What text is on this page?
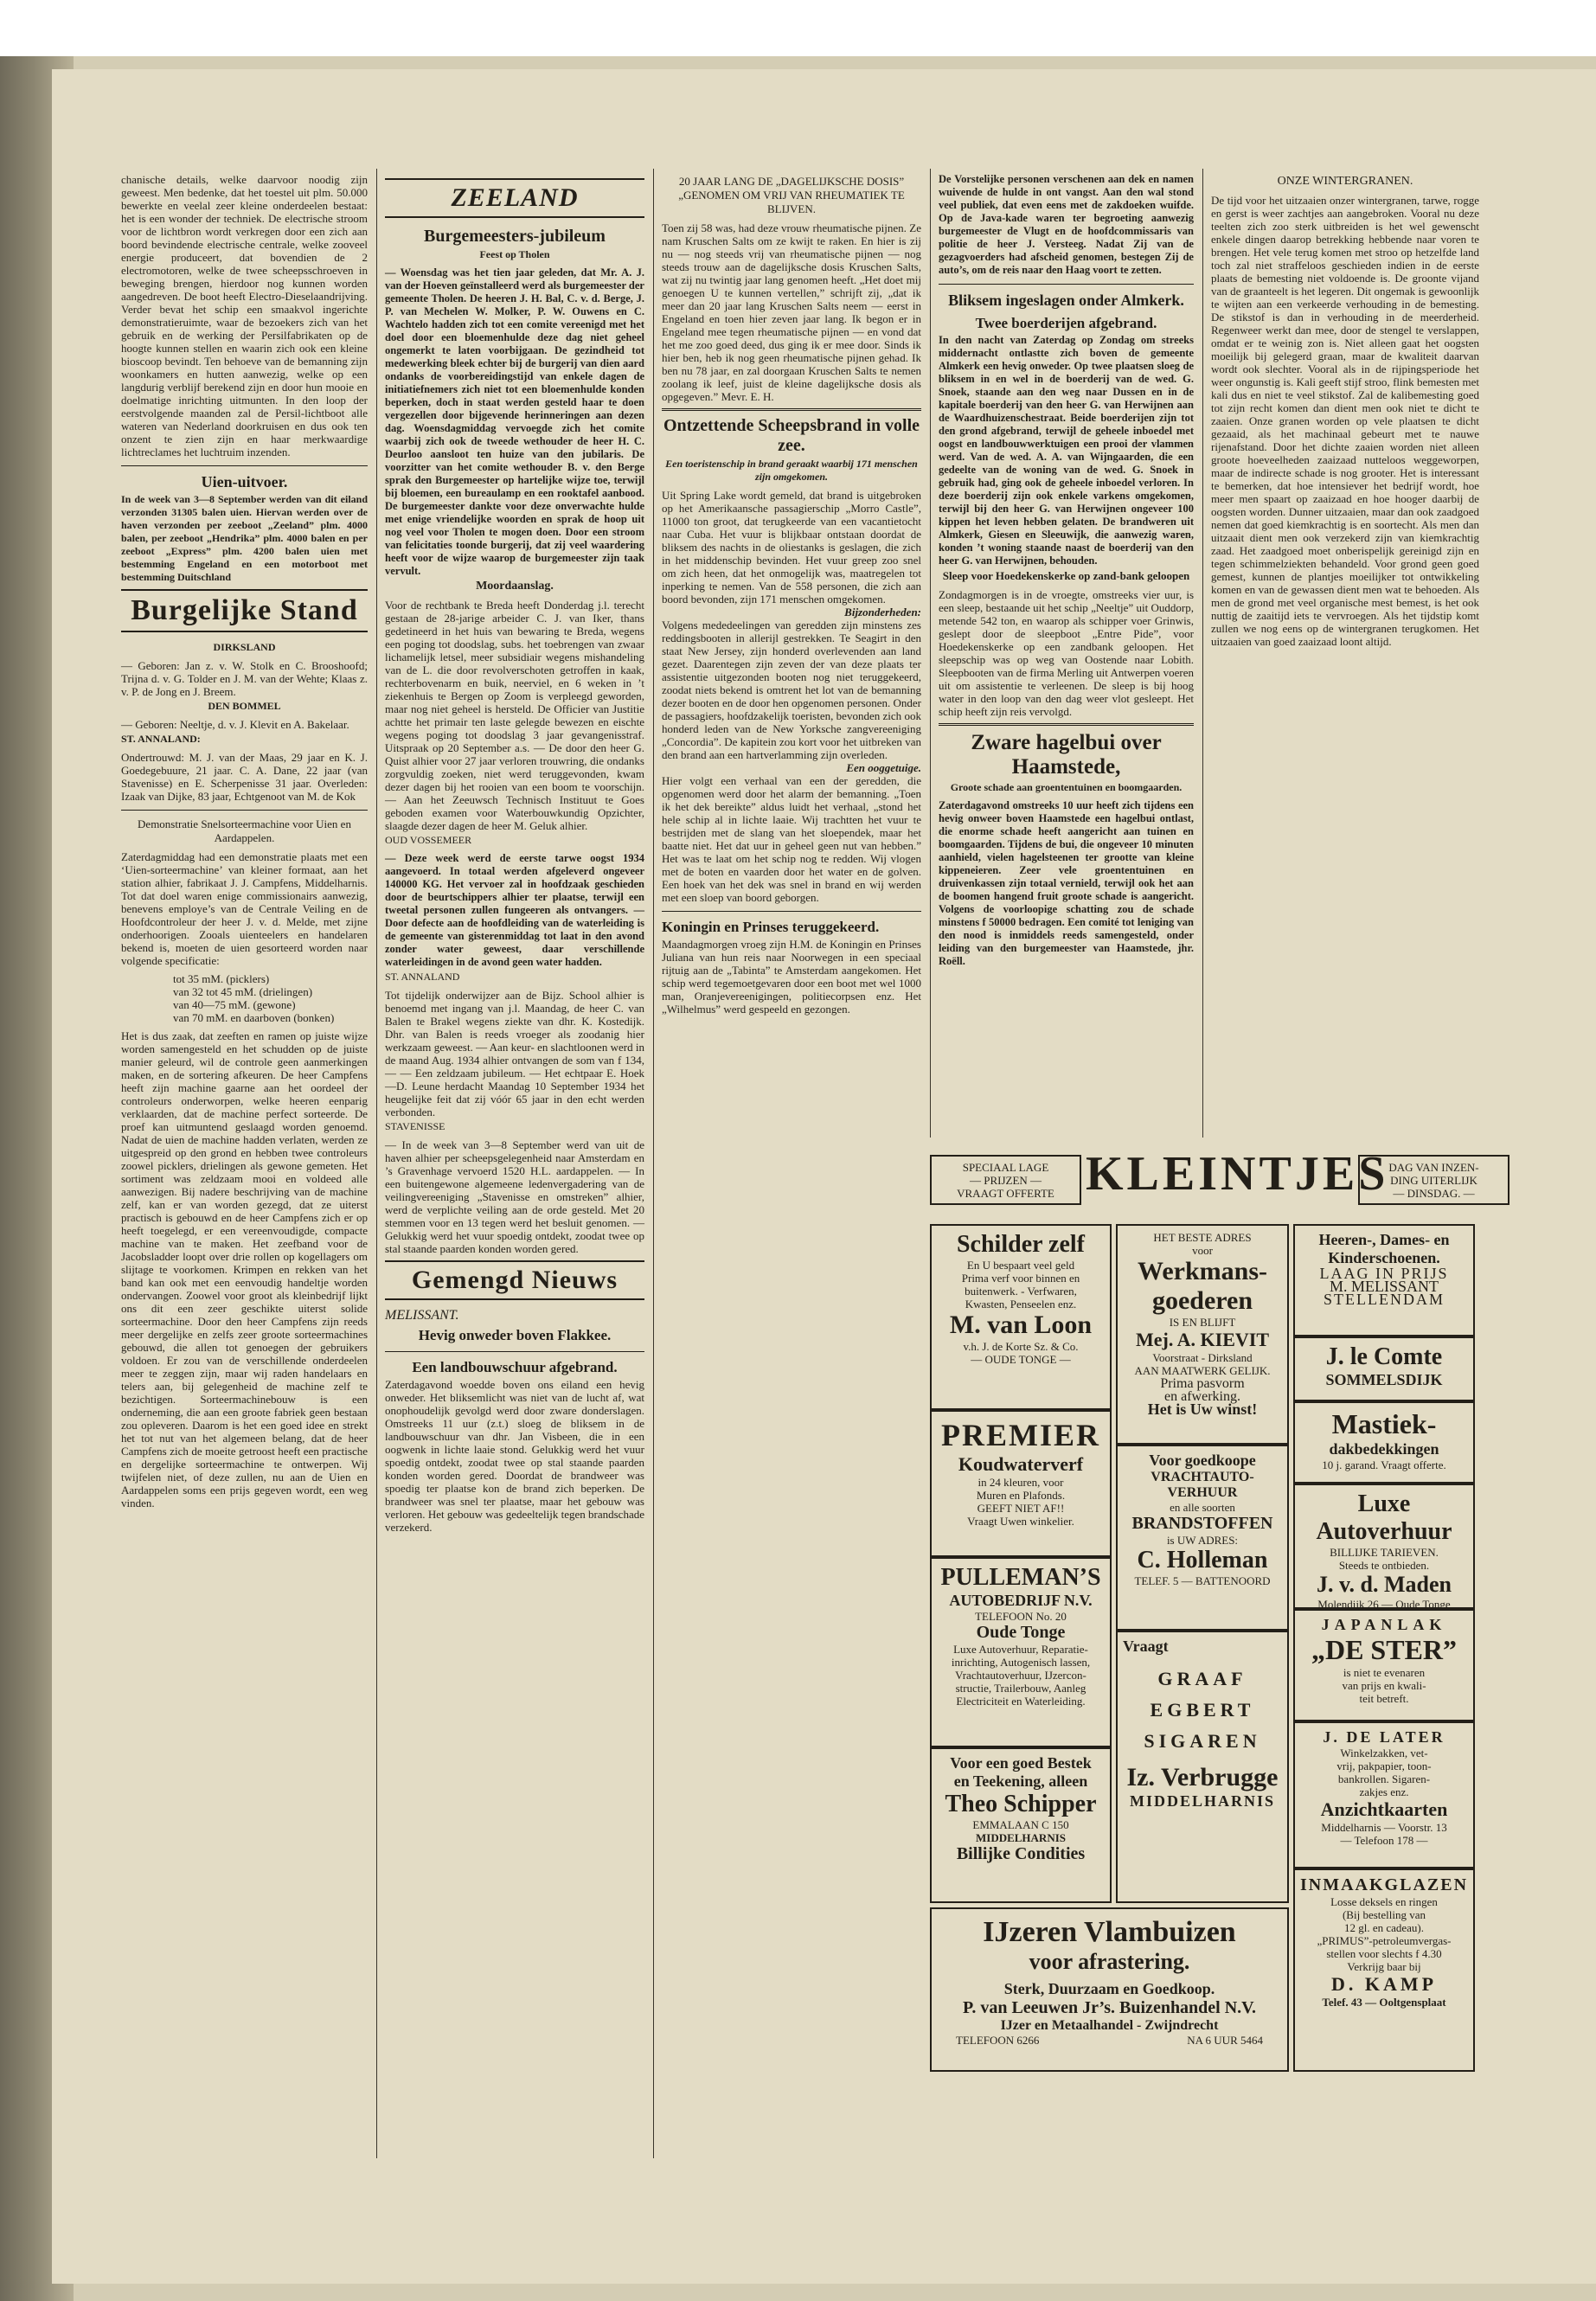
chanische details, welke daarvoor noodig zijn geweest. Men bedenke, dat het toestel uit plm. 50.000 bewerkte en veelal zeer kleine onderdeelen bestaat: het is een wonder der techniek. De electrische stroom voor de lichtbron wordt verkregen door een zich aan boord bevindende electrische centrale, welke zooveel energie produceert, dat bovendien de 2 electromotoren, welke de twee scheepsschroeven in beweging brengen, hierdoor nog kunnen worden aangedreven. De boot heeft Electro-Dieselaandrijving. Verder bevat het schip een smaakvol ingerichte demonstratieruimte, waar de bezoekers zich van het gebruik en de werking der Persilfabrikaten op de hoogte kunnen stellen en waarin zich ook een kleine bioscoop bevindt. Ten behoeve van de bemanning zijn woonkamers en hutten aanwezig, welke op een langdurig verblijf berekend zijn en door hun mooie en doelmatige inrichting uitmunten. In den loop der eerstvolgende maanden zal de Persil-lichtboot alle wateren van Nederland doorkruisen en dus ook ten onzent te zien zijn en haar merkwaardige lichtreclames het luchtruim inzenden.

Uien-uitvoer.

In de week van 3—8 September werden van dit eiland verzonden 31305 balen uien. Hiervan werden over de haven verzonden per zeeboot „Zeeland” plm. 4000 balen, per zeeboot „Hendrika” plm. 4000 balen en per zeeboot „Express” plm. 4200 balen uien met bestemming Engeland en een motorboot met bestemming Duitschland

Burgelijke Stand

DIRKSLAND

— Geboren: Jan z. v. W. Stolk en C. Brooshoofd; Trijna d. v. G. Tolder en J. M. van der Wehte; Klaas z. v. P. de Jong en J. Breem.

DEN BOMMEL

— Geboren: Neeltje, d. v. J. Klevit en A. Bakelaar.

ST. ANNALAND:

Ondertrouwd: M. J. van der Maas, 29 jaar en K. J. Goedegebuure, 21 jaar. C. A. Dane, 22 jaar (van Stavenisse) en E. Scherpenisse 31 jaar. Overleden: Izaak van Dijke, 83 jaar, Echtgenoot van M. de Kok

Demonstratie Snelsorteermachine voor Uien en Aardappelen.

Zaterdagmiddag had een demonstratie plaats met een ‘Uien-sorteermachine’ van kleiner formaat, aan het station alhier, fabrikaat J. J. Campfens, Middelharnis. Tot dat doel waren enige commissionairs aanwezig, benevens employe’s van de Centrale Veiling en de Hoofdcontroleur der heer J. v. d. Melde, met zijne onderhoorigen. Zooals uienteelers en handelaren bekend is, moeten de uien gesorteerd worden naar volgende specificatie:

tot 35 mM. (picklers)

van 32 tot 45 mM. (drielingen)

van 40—75 mM. (gewone)

van 70 mM. en daarboven (bonken)

Het is dus zaak, dat zeeften en ramen op juiste wijze worden samengesteld en het schudden op de juiste manier geleurd, wil de controle geen aanmerkingen maken, en de sortering afkeuren. De heer Campfens heeft zijn machine gaarne aan het oordeel der controleurs onderworpen, welke heeren eenparig verklaarden, dat de machine perfect sorteerde. De proef kan uitmuntend geslaagd worden genoemd. Nadat de uien de machine hadden verlaten, werden ze uitgespreid op den grond en hebben twee controleurs zoowel picklers, drielingen als gewone gemeten. Het sortiment was zeldzaam mooi en voldeed alle aanwezigen. Bij nadere beschrijving van de machine zelf, kan er van worden gezegd, dat ze uiterst practisch is gebouwd en de heer Campfens zich er op heeft toegelegd, er een vereenvoudigde, compacte machine van te maken. Het zeefband voor de Jacobsladder loopt over drie rollen op kogellagers om slijtage te voorkomen. Krimpen en rekken van het band kan ook met een eenvoudig handeltje worden ondervangen. Zoowel voor groot als kleinbedrijf lijkt ons dit een zeer geschikte uiterst solide sorteermachine. Door den heer Campfens zijn reeds meer dergelijke en zelfs zeer groote sorteermachines gebouwd, die allen tot genoegen der gebruikers voldoen. Er zou van de verschillende onderdeelen meer te zeggen zijn, maar wij raden handelaars en telers aan, bij gelegenheid de machine zelf te bezichtigen. Sorteermachinebouw is een onderneming, die aan een groote fabriek geen bestaan zou opleveren. Daarom is het een goed idee en strekt het tot nut van het algemeen belang, dat de heer Campfens zich de moeite getroost heeft een practische en dergelijke sorteermachine te ontwerpen. Wij twijfelen niet, of deze zullen, nu aan de Uien en Aardappelen soms een prijs gegeven wordt, een weg vinden.

ZEELAND

Burgemeesters-jubileum

Feest op Tholen

— Woensdag was het tien jaar geleden, dat Mr. A. J. van der Hoeven geïnstalleerd werd als burgemeester der gemeente Tholen. De heeren J. H. Bal, C. v. d. Berge, J. P. van Mechelen W. Molker, P. W. Ouwens en C. Wachtelo hadden zich tot een comite vereenigd met het doel door een bloemenhulde deze dag niet geheel ongemerkt te laten voorbijgaan. De gezindheid tot medewerking bleek echter bij de burgerij van dien aard ondanks de voorbereidingstijd van enkele dagen de initiatiefnemers zich niet tot een bloemenhulde konden beperken, doch in staat werden gesteld haar te doen vergezellen door bijgevende herinneringen aan dezen dag. Woensdagmiddag vervoegde zich het comite waarbij zich ook de tweede wethouder de heer H. C. Deurloo aansloot ten huize van den jubilaris. De voorzitter van het comite wethouder B. v. den Berge sprak den Burgemeester op hartelijke wijze toe, terwijl bij bloemen, een bureaulamp en een rooktafel aanbood. De burgemeester dankte voor deze onverwachte hulde met enige vriendelijke woorden en sprak de hoop uit nog veel voor Tholen te mogen doen. Door een stroom van felicitaties toonde burgerij, dat zij veel waardering heeft voor de wijze waarop de burgemeester zijn taak vervult.

Moordaanslag.

Voor de rechtbank te Breda heeft Donderdag j.l. terecht gestaan de 28-jarige arbeider C. J. van Iker, thans gedetineerd in het huis van bewaring te Breda, wegens een poging tot doodslag, subs. het toebrengen van zwaar lichamelijk letsel, meer subsidiair wegens mishandeling van de L. die door revolverschoten getroffen in kaak, rechterbovenarm en buik, neerviel, en 6 weken in ’t ziekenhuis te Bergen op Zoom is verpleegd geworden, maar nog niet geheel is hersteld. De Officier van Justitie achtte het primair ten laste gelegde bewezen en eischte wegens poging tot doodslag 3 jaar gevangenisstraf. Uitspraak op 20 September a.s. — De door den heer G. Quist alhier voor 27 jaar verloren trouwring, die ondanks zorgvuldig zoeken, niet werd teruggevonden, kwam dezer dagen bij het rooien van een boom te voorschijn. — Aan het Zeeuwsch Technisch Instituut te Goes geboden examen voor Waterbouwkundig Opzichter, slaagde dezer dagen de heer M. Geluk alhier.

OUD VOSSEMEER

— Deze week werd de eerste tarwe oogst 1934 aangevoerd. In totaal werden afgeleverd ongeveer 140000 KG. Het vervoer zal in hoofdzaak geschieden door de beurtschippers alhier ter plaatse, terwijl een tweetal personen zullen fungeeren als ontvangers. — Door defecte aan de hoofdleiding van de waterleiding is de gemeente van gisterenmiddag tot laat in den avond zonder water geweest, daar verschillende waterleidingen in de avond geen water hadden.

ST. ANNALAND

Tot tijdelijk onderwijzer aan de Bijz. School alhier is benoemd met ingang van j.l. Maandag, de heer C. van Balen te Brakel wegens ziekte van dhr. K. Kostedijk. Dhr. van Balen is reeds vroeger als zoodanig hier werkzaam geweest. — Aan keur- en slachtloonen werd in de maand Aug. 1934 alhier ontvangen de som van f 134,— — Een zeldzaam jubileum. — Het echtpaar E. Hoek—D. Leune herdacht Maandag 10 September 1934 het heugelijke feit dat zij vóór 65 jaar in den echt werden verbonden.

STAVENISSE

— In de week van 3—8 September werd van uit de haven alhier per scheepsgelegenheid naar Amsterdam en ’s Gravenhage vervoerd 1520 H.L. aardappelen. — In een buitengewone algemeene ledenvergadering van de veilingvereeniging „Stavenisse en omstreken” alhier, werd de verplichte veiling aan de orde gesteld. Met 20 stemmen voor en 13 tegen werd het besluit genomen. — Gelukkig werd het vuur spoedig ontdekt, zoodat twee op stal staande paarden konden worden gered.

Gemengd Nieuws

MELISSANT.

Hevig onweder boven Flakkee.

Een landbouwschuur afgebrand.

Zaterdagavond woedde boven ons eiland een hevig onweder. Het bliksemlicht was niet van de lucht af, wat onophoudelijk gevolgd werd door zware donderslagen. Omstreeks 11 uur (z.t.) sloeg de bliksem in de landbouwschuur van dhr. Jan Visbeen, die in een oogwenk in lichte laaie stond. Gelukkig werd het vuur spoedig ontdekt, zoodat twee op stal staande paarden konden worden gered. Doordat de brandweer was spoedig ter plaatse kon de brand zich beperken. De brandweer was snel ter plaatse, maar het gebouw was verloren. Het gebouw was gedeeltelijk tegen brandschade verzekerd.

20 JAAR LANG DE „DAGELIJKSCHE DOSIS” „GENOMEN OM VRIJ VAN RHEUMATIEK TE BLIJVEN.

Toen zij 58 was, had deze vrouw rheumatische pijnen. Ze nam Kruschen Salts om ze kwijt te raken. En hier is zij nu — nog steeds vrij van rheumatische pijnen — nog steeds trouw aan de dagelijksche dosis Kruschen Salts, wat zij nu twintig jaar lang genomen heeft. „Het doet mij genoegen U te kunnen vertellen,” schrijft zij, „dat ik meer dan 20 jaar lang Kruschen Salts neem — eerst in Engeland en toen hier zeven jaar lang. Ik begon er in Engeland mee tegen rheumatische pijnen — en vond dat het me zoo goed deed, dus ging ik er mee door. Sinds ik hier ben, heb ik nog geen rheumatische pijnen gehad. Ik ben nu 78 jaar, en zal doorgaan Kruschen Salts te nemen zoolang ik leef, juist de kleine dagelijksche dosis als opgegeven.” Mevr. E. H.

Ontzettende Scheepsbrand in volle zee.

Een toeristenschip in brand geraakt waarbij 171 menschen zijn omgekomen.

Uit Spring Lake wordt gemeld, dat brand is uitgebroken op het Amerikaansche passagierschip „Morro Castle”, 11000 ton groot, dat terugkeerde van een vacantietocht naar Cuba. Het vuur is blijkbaar ontstaan doordat de bliksem des nachts in de oliestanks is geslagen, die zich in het middenschip bevinden. Het vuur greep zoo snel om zich heen, dat het onmogelijk was, maatregelen tot inperking te nemen. Van de 558 personen, die zich aan boord bevonden, zijn 171 menschen omgekomen.

Bijzonderheden:

Volgens mededeelingen van geredden zijn minstens zes reddingsbooten in allerijl gestrekken. Te Seagirt in den staat New Jersey, zijn honderd overlevenden aan land gezet. Daarentegen zijn zeven der van deze plaats ter assistentie uitgezonden booten nog niet teruggekeerd, zoodat niets bekend is omtrent het lot van de bemanning dezer booten en de door hen opgenomen personen. Onder de passagiers, hoofdzakelijk toeristen, bevonden zich ook honderd leden van de New Yorksche zangvereeniging „Concordia”. De kapitein zou kort voor het uitbreken van den brand aan een hartverlamming zijn overleden.

Een ooggetuige.

Hier volgt een verhaal van een der geredden, die opgenomen werd door het alarm der bemanning. „Toen ik het dek bereikte” aldus luidt het verhaal, „stond het hele schip al in lichte laaie. Wij trachtten het vuur te bestrijden met de slang van het sloependek, maar het baatte niet. Het dat uur in geheel geen nut van hebben.” Het was te laat om het schip nog te redden. Wij vlogen met de boten en vaarden door het water en de golven. Een hoek van het dek was snel in brand en wij werden met een sloep van boord geborgen.

Koningin en Prinses teruggekeerd.

Maandagmorgen vroeg zijn H.M. de Koningin en Prinses Juliana van hun reis naar Noorwegen in een speciaal rijtuig aan de „Tabinta” te Amsterdam aangekomen. Het schip werd tegemoetgevaren door een boot met wel 1000 man, Oranjevereenigingen, politiecorpsen enz. Het „Wilhelmus” werd gespeeld en gezongen.

De Vorstelijke personen verschenen aan dek en namen wuivende de hulde in ont vangst. Aan den wal stond veel publiek, dat even eens met de zakdoeken wuifde. Op de Java-kade waren ter begroeting aanwezig burgemeester de Vlugt en de hoofdcommissaris van politie de heer J. Versteeg. Nadat Zij van de gezagvoerders had afscheid genomen, bestegen Zij de auto’s, om de reis naar den Haag voort te zetten.

Bliksem ingeslagen onder Almkerk.

Twee boerderijen afgebrand.

In den nacht van Zaterdag op Zondag om streeks middernacht ontlastte zich boven de gemeente Almkerk een hevig onweder. Op twee plaatsen sloeg de bliksem in en wel in de boerderij van de wed. G. Snoek, staande aan den weg naar Dussen en in de kapitale boerderij van den heer G. van Herwijnen aan de Waardhuizenschestraat. Beide boerderijen zijn tot den grond afgebrand, terwijl de geheele inboedel met oogst en landbouwwerktuigen een prooi der vlammen werd. Van de wed. A. A. van Wijngaarden, die een gedeelte van de woning van de wed. G. Snoek in gebruik had, ging ook de geheele inboedel verloren. In deze boerderij zijn ook enkele varkens omgekomen, terwijl bij den heer G. van Herwijnen ongeveer 100 kippen het leven hebben gelaten. De brandweren uit Almkerk, Giesen en Sleeuwijk, die aanwezig waren, konden ’t woning staande naast de boerderij van den heer G. van Herwijnen, behouden.

Sleep voor Hoedekenskerke op zand-bank geloopen

Zondagmorgen is in de vroegte, omstreeks vier uur, is een sleep, bestaande uit het schip „Neeltje” uit Ouddorp, metende 542 ton, en waarop als schipper voer Grinwis, geslept door de sleepboot „Entre Pide”, voor Hoedekenskerke op een zandbank geloopen. Het sleepschip was op weg van Oostende naar Lobith. Sleepbooten van de firma Merling uit Antwerpen voeren uit om assistentie te verleenen. De sleep is bij hoog water in den loop van den dag weer vlot gesleept. Het schip heeft zijn reis vervolgd.

Zware hagelbui over Haamstede,

Groote schade aan groententuinen en boomgaarden.

Zaterdagavond omstreeks 10 uur heeft zich tijdens een hevig onweer boven Haamstede een hagelbui ontlast, die enorme schade heeft aangericht aan tuinen en boomgaarden. Tijdens de bui, die ongeveer 10 minuten aanhield, vielen hagelsteenen ter grootte van kleine kippeneieren. Zeer vele groententuinen en druivenkassen zijn totaal vernield, terwijl ook het aan de boomen hangend fruit groote schade is aangericht. Volgens de voorloopige schatting zou de schade minstens f 50000 bedragen. Een comité tot leniging van den nood is inmiddels reeds samengesteld, onder leiding van den burgemeester van Haamstede, jhr. Roëll.

ONZE WINTERGRANEN.

De tijd voor het uitzaaien onzer wintergranen, tarwe, rogge en gerst is weer zachtjes aan aangebroken. Vooral nu deze teelten zich zoo sterk uitbreiden is het wel gewenscht enkele dingen daarop betrekking hebbende naar voren te brengen. Het vele terug komen met stroo op hetzelfde land toch zal niet straffeloos geschieden indien in de eerste plaats de bemesting niet voldoende is. De groonte vijand van de graanteelt is het legeren. Dit ongemak is gewoonlijk te wijten aan een verkeerde verhouding in de bemesting. De stikstof is dan in verhouding in de meerderheid. Regenweer werkt dan mee, door de stengel te verslappen, omdat er te weinig zon is. Niet alleen gaat het oogsten moeilijk bij gelegerd graan, maar de kwaliteit daarvan wordt ook slechter. Vooral als in de rijpingsperiode het weer ongunstig is. Kali geeft stijf stroo, flink bemesten met kali dus en niet te veel stikstof. Zal de kalibemesting goed tot zijn recht komen dan dient men ook niet te dicht te zaaien. Onze granen worden op vele plaatsen te dicht gezaaid, als het machinaal gebeurt met te nauwe rijenafstand. Door het dichte zaaien worden niet alleen groote hoeveelheden zaaizaad nutteloos weggeworpen, maar de indirecte schade is nog grooter. Het is interessant te bemerken, dat hoe intensiever het bedrijf wordt, hoe meer men spaart op zaaizaad en hoe hooger daarbij de oogsten worden. Dunner uitzaaien, maar dan ook zaadgoed nemen dat goed kiemkrachtig is en soortecht. Als men dan uitzaait dient men ook verzekerd zijn van kiemkrachtig zaad. Het zaadgoed moet onberispelijk gereinigd zijn en tegen schimmelziekten behandeld. Voor grond geen goed gemest, kunnen de plantjes moeilijker tot ontwikkeling komen en van de gewassen dient men wat te behoeden. Als men de grond met veel organische mest bemest, is het ook nuttig de zaaitijd iets te vervroegen. Als het tijdstip komt zullen we nog eens op de wintergranen terugkomen. Het uitzaaien van goed zaaizaad loont altijd.

SPECIAAL LAGE

— PRIJZEN —

VRAAGT OFFERTE KLEINTJES DAG VAN INZEN-

DING UITERLIJK

— DINSDAG. —

Schilder zelf

En U bespaart veel geld

Prima verf voor binnen en

buitenwerk. - Verfwaren,

Kwasten, Penseelen enz.

M. van Loon

v.h. J. de Korte Sz. & Co.

— OUDE TONGE —

PREMIER

Koudwaterverf

in 24 kleuren, voor

Muren en Plafonds.

GEEFT NIET AF!!

Vraagt Uwen winkelier.

PULLEMAN’S

AUTOBEDRIJF N.V.

TELEFOON No. 20

Oude Tonge

Luxe Autoverhuur, Reparatie-

inrichting, Autogenisch lassen,

Vrachtautoverhuur, IJzercon-

structie, Trailerbouw, Aanleg

Electriciteit en Waterleiding.

Voor een goed Bestek

en Teekening, alleen

Theo Schipper

EMMALAAN C 150

MIDDELHARNIS

Billijke Condities

HET BESTE ADRES

voor

Werkmans-

goederen

IS EN BLIJFT

Mej. A. KIEVIT

Voorstraat - Dirksland

AAN MAATWERK GELIJK.

Prima pasvorm

en afwerking.

Het is Uw winst!

Voor goedkoope

VRACHTAUTO-VERHUUR

en alle soorten

BRANDSTOFFEN

is UW ADRES:

C. Holleman

TELEF. 5 — BATTENOORD

Vraagt

GRAAF

EGBERT

SIGAREN

Iz. Verbrugge

MIDDELHARNIS

Heeren-, Dames- en

Kinderschoenen.

LAAG IN PRIJS

M. MELISSANT

STELLENDAM

J. le Comte

SOMMELSDIJK

Mastiek-

dakbedekkingen

10 j. garand. Vraagt offerte.

Luxe

Autoverhuur

BILLIJKE TARIEVEN.

Steeds te ontbieden.

J. v. d. Maden

Molendijk 26 — Oude Tonge

JAPANLAK

„DE STER”

is niet te evenaren

van prijs en kwali-

teit betreft.

J. DE LATER

Winkelzakken, vet-

vrij, pakpapier, toon-

bankrollen. Sigaren-

zakjes enz.

Anzichtkaarten

Middelharnis — Voorstr. 13

— Telefoon 178 —

INMAAKGLAZEN

Losse deksels en ringen

(Bij bestelling van

12 gl. en cadeau).

„PRIMUS”-petroleumvergas-

stellen voor slechts f 4.30

Verkrijg baar bij

D. KAMP

Telef. 43 — Ooltgensplaat

IJzeren Vlambuizen

voor afrastering.

Sterk, Duurzaam en Goedkoop.

P. van Leeuwen Jr’s. Buizenhandel N.V.

IJzer en Metaalhandel - Zwijndrecht

TELEFOON 6266	NA 6 UUR 5464
